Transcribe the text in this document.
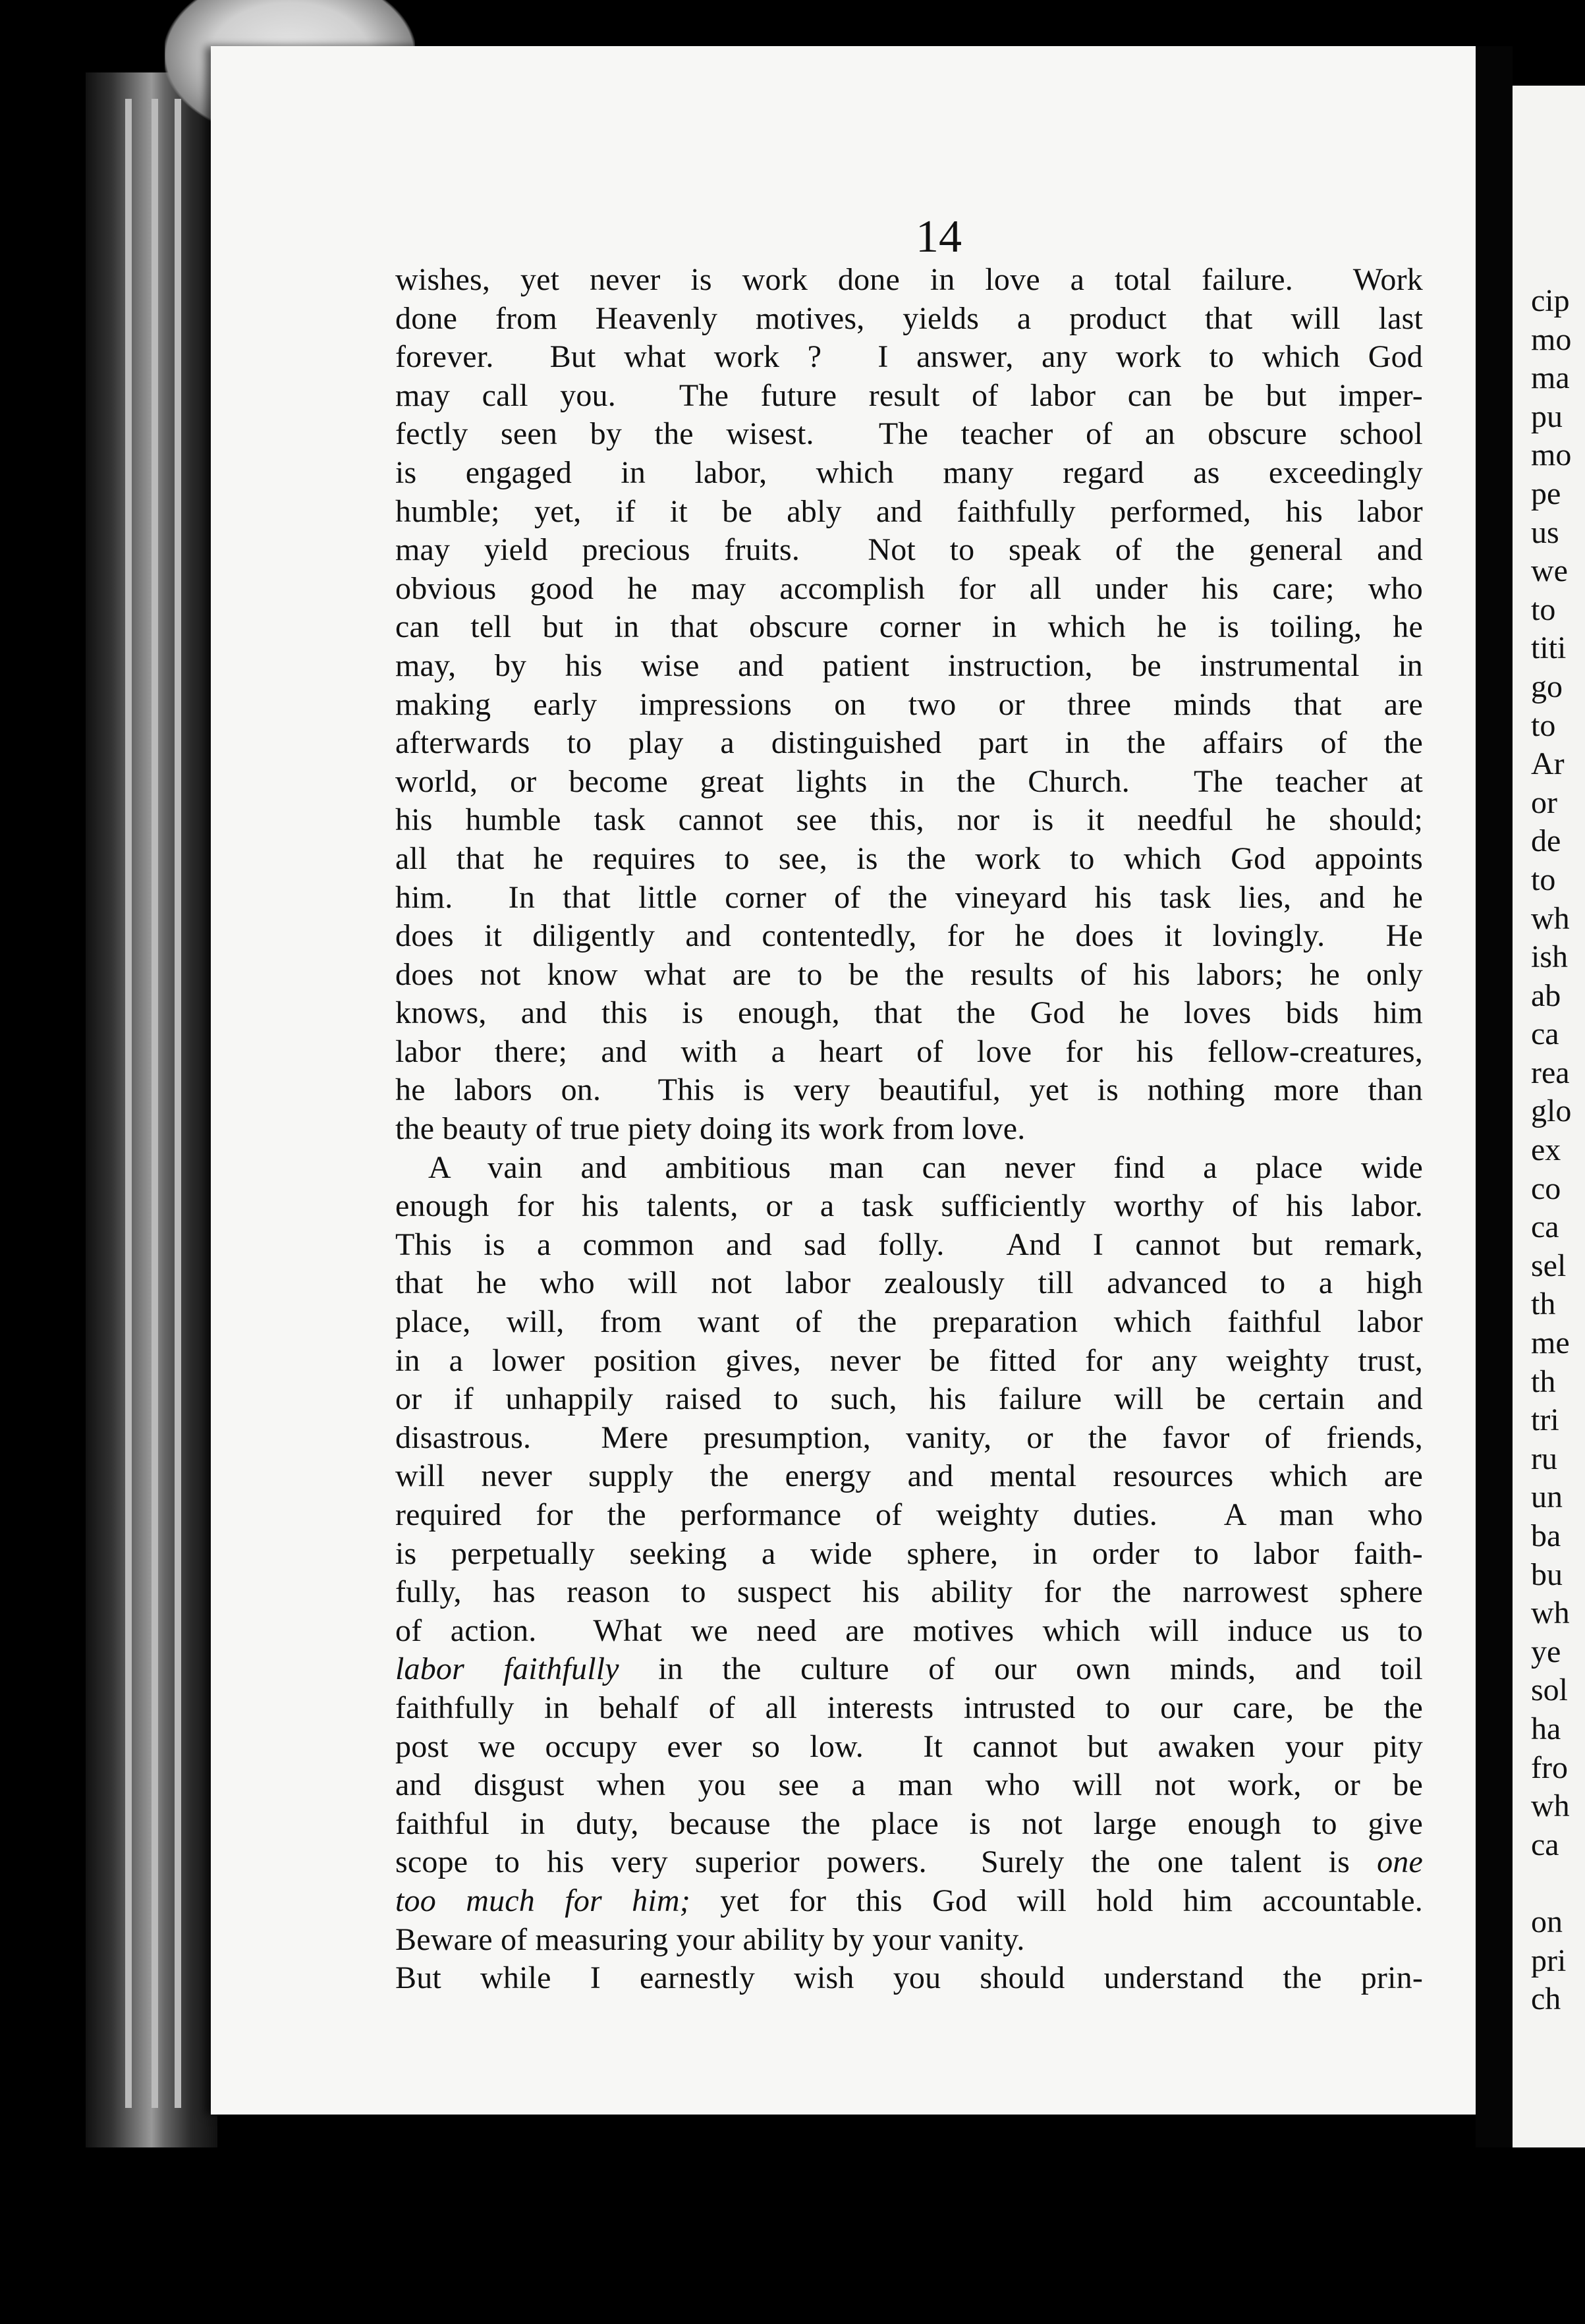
14
wishes, yet never is work done in love a total failure.  Work
done from Heavenly motives, yields a product that will last
forever.  But what work ?  I answer, any work to which God
may call you.  The future result of labor can be but imper-
fectly seen by the wisest.  The teacher of an obscure school
is engaged in labor, which many regard as exceedingly
humble; yet, if it be ably and faithfully performed, his labor
may yield precious fruits.  Not to speak of the general and
obvious good he may accomplish for all under his care; who
can tell but in that obscure corner in which he is toiling, he
may, by his wise and patient instruction, be instrumental in
making early impressions on two or three minds that are
afterwards to play a distinguished part in the affairs of the
world, or become great lights in the Church.  The teacher at
his humble task cannot see this, nor is it needful he should;
all that he requires to see, is the work to which God appoints
him.  In that little corner of the vineyard his task lies, and he
does it diligently and contentedly, for he does it lovingly.  He
does not know what are to be the results of his labors; he only
knows, and this is enough, that the God he loves bids him
labor there; and with a heart of love for his fellow-creatures,
he labors on.  This is very beautiful, yet is nothing more than
the beauty of true piety doing its work from love.
A vain and ambitious man can never find a place wide
enough for his talents, or a task sufficiently worthy of his labor.
This is a common and sad folly.  And I cannot but remark,
that he who will not labor zealously till advanced to a high
place, will, from want of the preparation which faithful labor
in a lower position gives, never be fitted for any weighty trust,
or if unhappily raised to such, his failure will be certain and
disastrous.  Mere presumption, vanity, or the favor of friends,
will never supply the energy and mental resources which are
required for the performance of weighty duties.  A man who
is perpetually seeking a wide sphere, in order to labor faith-
fully, has reason to suspect his ability for the narrowest sphere
of action.  What we need are motives which will induce us to
labor faithfully in the culture of our own minds, and toil
faithfully in behalf of all interests intrusted to our care, be the
post we occupy ever so low.  It cannot but awaken your pity
and disgust when you see a man who will not work, or be
faithful in duty, because the place is not large enough to give
scope to his very superior powers.  Surely the one talent is one
too much for him; yet for this God will hold him accountable.
Beware of measuring your ability by your vanity.
But while I earnestly wish you should understand the prin-
cip
mo
ma
pu
mo
pe
us
we
to
titi
go
to
Ar
or
de
to
wh
ish
ab
ca
rea
glo
ex
co
ca
sel
th
me
th
tri
ru
un
ba
bu
wh
ye
sol
ha
fro
wh
ca

on
pri
ch
